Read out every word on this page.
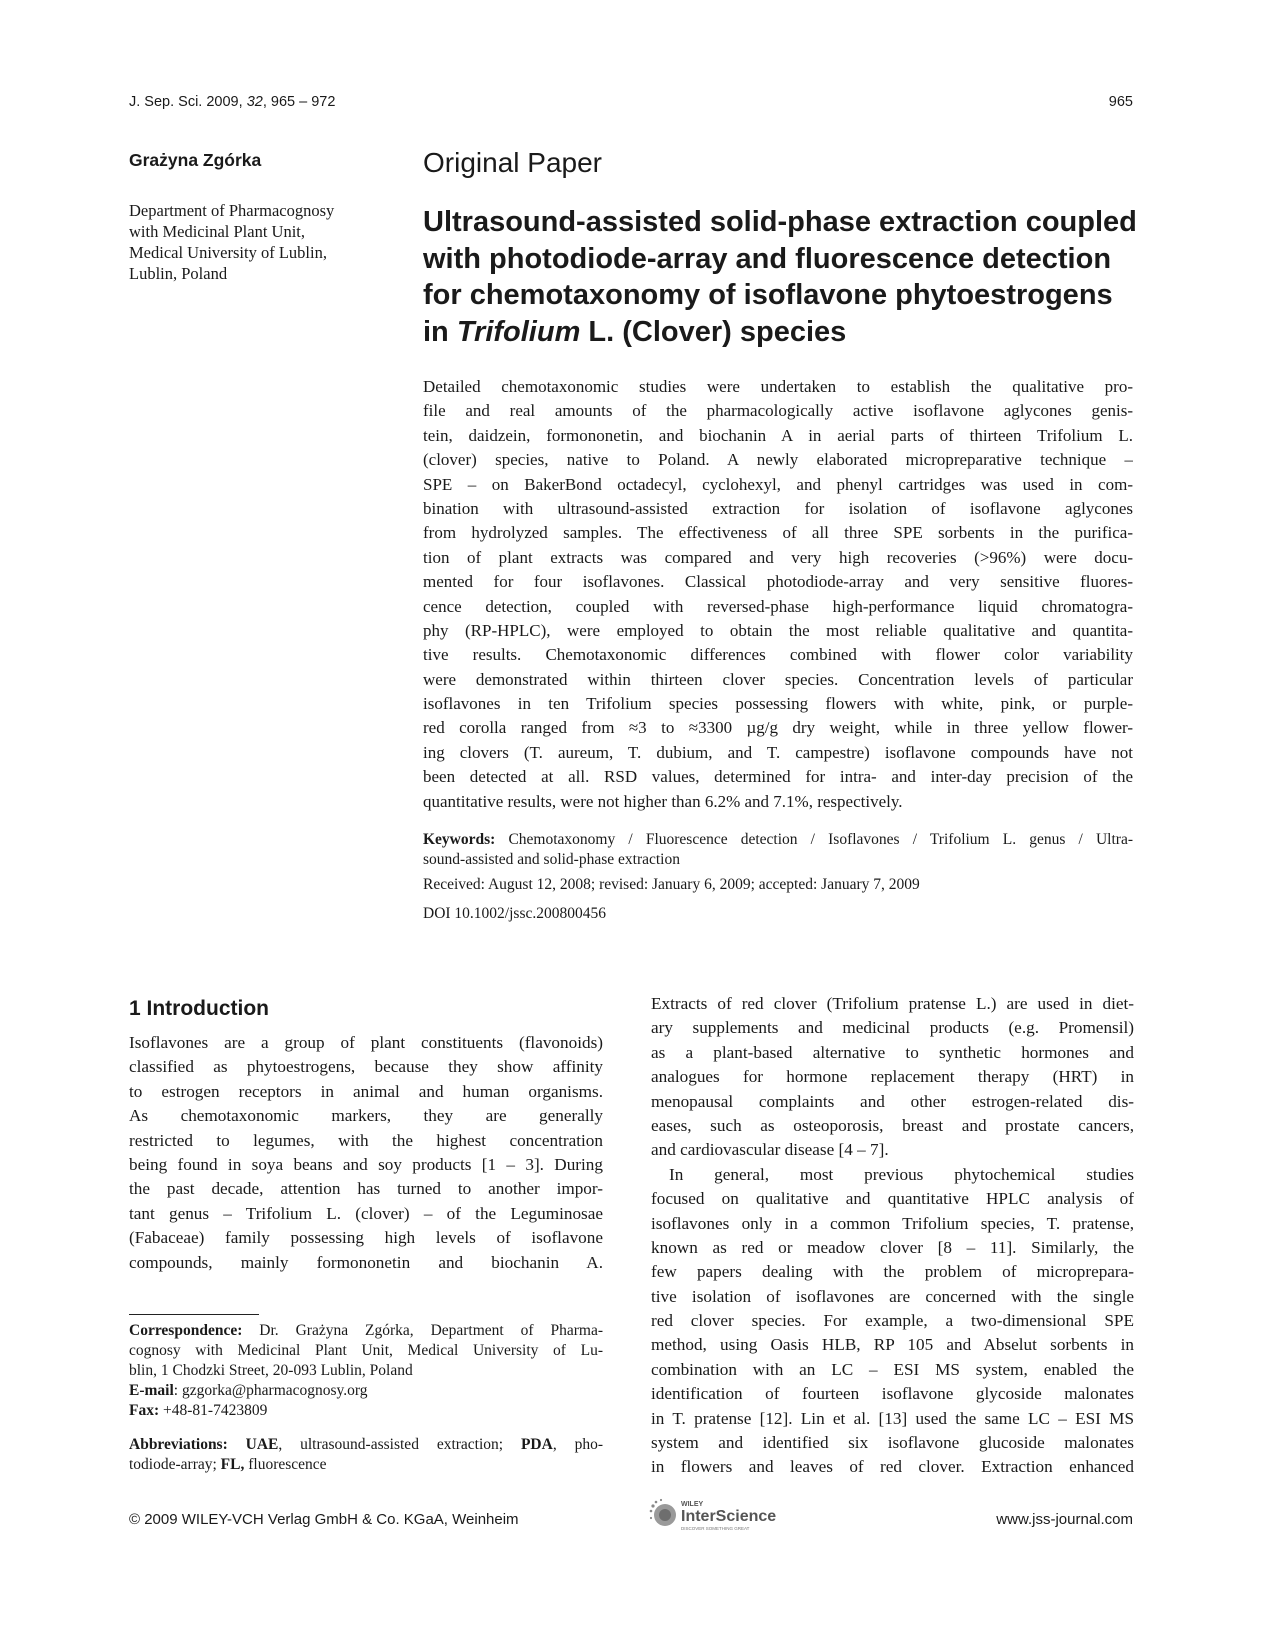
J. Sep. Sci. 2009, 32, 965 – 972	965
Grażyna Zgórka
Department of Pharmacognosy
with Medicinal Plant Unit,
Medical University of Lublin,
Lublin, Poland
Original Paper
Ultrasound-assisted solid-phase extraction coupled
with photodiode-array and fluorescence detection
for chemotaxonomy of isoflavone phytoestrogens
in Trifolium L. (Clover) species
Detailed chemotaxonomic studies were undertaken to establish the qualitative pro-
file and real amounts of the pharmacologically active isoflavone aglycones genis-
tein, daidzein, formononetin, and biochanin A in aerial parts of thirteen Trifolium L.
(clover) species, native to Poland. A newly elaborated micropreparative technique –
SPE – on BakerBond octadecyl, cyclohexyl, and phenyl cartridges was used in com-
bination with ultrasound-assisted extraction for isolation of isoflavone aglycones
from hydrolyzed samples. The effectiveness of all three SPE sorbents in the purifica-
tion of plant extracts was compared and very high recoveries (>96%) were docu-
mented for four isoflavones. Classical photodiode-array and very sensitive fluores-
cence detection, coupled with reversed-phase high-performance liquid chromatogra-
phy (RP-HPLC), were employed to obtain the most reliable qualitative and quantita-
tive results. Chemotaxonomic differences combined with flower color variability
were demonstrated within thirteen clover species. Concentration levels of particular
isoflavones in ten Trifolium species possessing flowers with white, pink, or purple-
red corolla ranged from ≈3 to ≈3300 µg/g dry weight, while in three yellow flower-
ing clovers (T. aureum, T. dubium, and T. campestre) isoflavone compounds have not
been detected at all. RSD values, determined for intra- and inter-day precision of the
quantitative results, were not higher than 6.2% and 7.1%, respectively.
Keywords: Chemotaxonomy / Fluorescence detection / Isoflavones / Trifolium L. genus / Ultra-
sound-assisted and solid-phase extraction
Received: August 12, 2008; revised: January 6, 2009; accepted: January 7, 2009
DOI 10.1002/jssc.200800456
1 Introduction
Isoflavones are a group of plant constituents (flavonoids)
classified as phytoestrogens, because they show affinity
to estrogen receptors in animal and human organisms.
As chemotaxonomic markers, they are generally
restricted to legumes, with the highest concentration
being found in soya beans and soy products [1 – 3]. During
the past decade, attention has turned to another impor-
tant genus – Trifolium L. (clover) – of the Leguminosae
(Fabaceae) family possessing high levels of isoflavone
compounds, mainly formononetin and biochanin A.
Correspondence: Dr. Grażyna Zgórka, Department of Pharma-
cognosy with Medicinal Plant Unit, Medical University of Lu-
blin, 1 Chodzki Street, 20-093 Lublin, Poland
E-mail: gzgorka@pharmacognosy.org
Fax: +48-81-7423809
Abbreviations: UAE, ultrasound-assisted extraction; PDA, pho-
todiode-array; FL, fluorescence
Extracts of red clover (Trifolium pratense L.) are used in diet-
ary supplements and medicinal products (e.g. Promensil)
as a plant-based alternative to synthetic hormones and
analogues for hormone replacement therapy (HRT) in
menopausal complaints and other estrogen-related dis-
eases, such as osteoporosis, breast and prostate cancers,
and cardiovascular disease [4 – 7].
In general, most previous phytochemical studies
focused on qualitative and quantitative HPLC analysis of
isoflavones only in a common Trifolium species, T. pratense,
known as red or meadow clover [8 – 11]. Similarly, the
few papers dealing with the problem of micropreparа-
tive isolation of isoflavones are concerned with the single
red clover species. For example, a two-dimensional SPE
method, using Oasis HLB, RP 105 and Abselut sorbents in
combination with an LC – ESI MS system, enabled the
identification of fourteen isoflavone glycoside malonates
in T. pratense [12]. Lin et al. [13] used the same LC – ESI MS
system and identified six isoflavone glucoside malonates
in flowers and leaves of red clover. Extraction enhanced
© 2009 WILEY-VCH Verlag GmbH & Co. KGaA, Weinheim
WILEY
InterScience
DISCOVER SOMETHING GREAT
www.jss-journal.com
